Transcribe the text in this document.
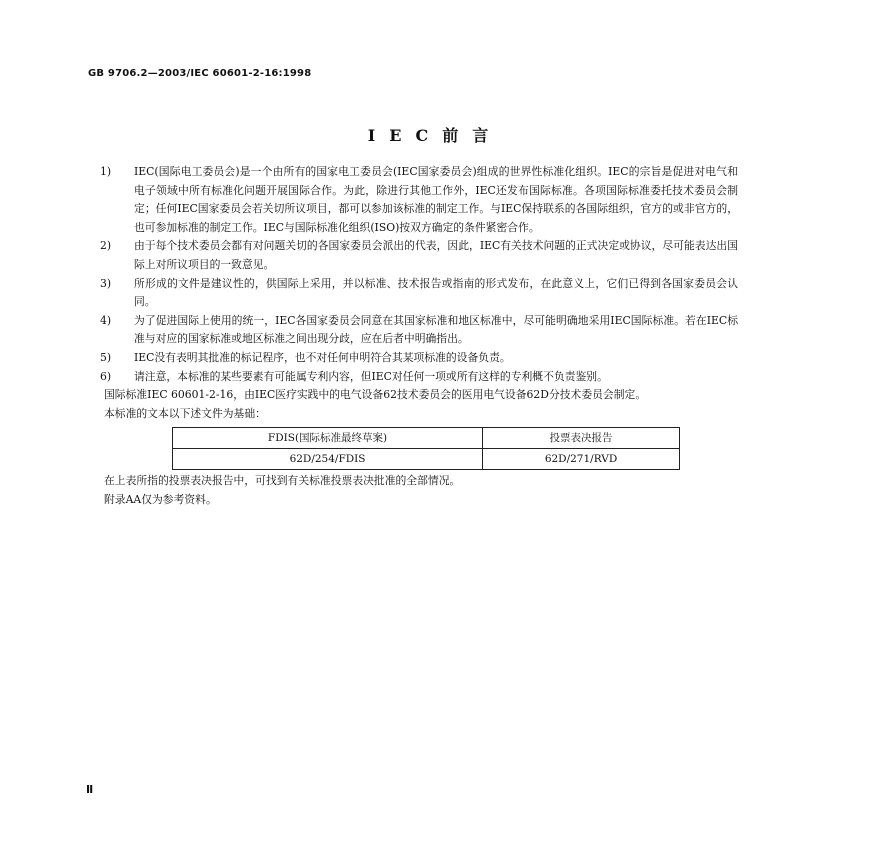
GB 9706.2—2003/IEC 60601-2-16:1998
IEC前言
1)	IEC(国际电工委员会)是一个由所有的国家电工委员会(IEC国家委员会)组成的世界性标准化组织。IEC的宗旨是促进对电气和电子领域中所有标准化问题开展国际合作。为此，除进行其他工作外，IEC还发布国际标准。各项国际标准委托技术委员会制定；任何IEC国家委员会若关切所议项目，都可以参加该标准的制定工作。与IEC保持联系的各国际组织，官方的或非官方的，也可参加标准的制定工作。IEC与国际标准化组织(ISO)按双方确定的条件紧密合作。
2)	由于每个技术委员会都有对问题关切的各国家委员会派出的代表，因此，IEC有关技术问题的正式决定或协议，尽可能表达出国际上对所议项目的一致意见。
3)	所形成的文件是建议性的，供国际上采用，并以标准、技术报告或指南的形式发布，在此意义上，它们已得到各国家委员会认同。
4)	为了促进国际上使用的统一，IEC各国家委员会同意在其国家标准和地区标准中，尽可能明确地采用IEC国际标准。若在IEC标准与对应的国家标准或地区标准之间出现分歧，应在后者中明确指出。
5)	IEC没有表明其批准的标记程序，也不对任何申明符合其某项标准的设备负责。
6)	请注意，本标准的某些要素有可能属专利内容，但IEC对任何一项或所有这样的专利概不负责鉴别。

国际标准IEC 60601-2-16，由IEC医疗实践中的电气设备62技术委员会的医用电气设备62D分技术委员会制定。

本标准的文本以下述文件为基础：

FDIS(国际标准最终草案)	投票表决报告
62D/254/FDIS	62D/271/RVD

在上表所指的投票表决报告中，可找到有关标准投票表决批准的全部情况。

附录AA仅为参考资料。

Ⅱ
